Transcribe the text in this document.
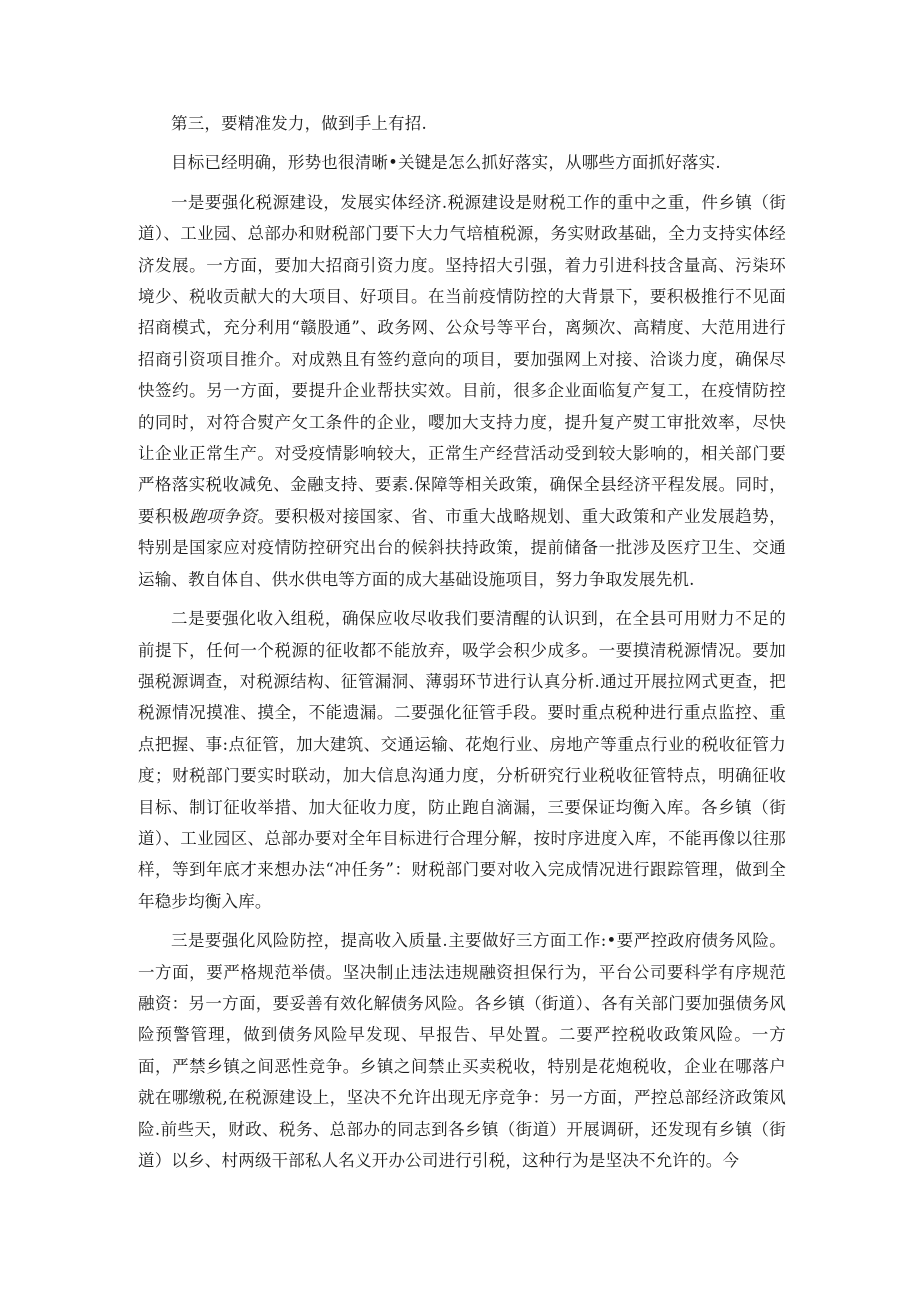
第三，要精准发力，做到手上有招.

目标已经明确，形势也很清晰•关键是怎么抓好落实，从哪些方面抓好落实.

一是要强化税源建设，发展实体经济.税源建设是财税工作的重中之重，件乡镇（街道）、工业园、总部办和财税部门要下大力气培植税源，务实财政基础，全力支持实体经济发展。一方面，要加大招商引资力度。坚持招大引强，着力引进科技含量高、污柒环境少、税收贡献大的大项目、好项目。在当前疫情防控的大背景下，要积极推行不见面招商模式，充分利用“赣股通”、政务网、公众号等平台，离频次、高精度、大范用进行招商引资项目推介。对成熟且有签约意向的项目，要加强网上对接、洽谈力度，确保尽快签约。另一方面，要提升企业帮扶实效。目前，很多企业面临复产复工，在疫情防控的同时，对符合熨产攵工条件的企业，嘤加大支持力度，提升复产熨工审批效率，尽快让企业正常生产。对受疫情影响较大，正常生产经营活动受到较大影响的，相关部门要严格落实税收减免、金融支持、要素.保障等相关政策，确保全县经济平程发展。同时，要积极跑项争资。要积极对接国家、省、市重大战略规划、重大政策和产业发展趋势，特别是国家应对疫情防控研究出台的候斜扶持政策，提前储备一批涉及医疗卫生、交通运输、教自体自、供水供电等方面的成大基础设施项目，努力争取发展先机.

二是要强化收入组税，确保应收尽收我们要清醒的认识到，在全县可用财力不足的前提下，任何一个税源的征收都不能放弃，吸学会积少成多。一要摸清税源情况。要加强税源调查，对税源结构、征管漏洞、薄弱环节进行认真分析.通过开展拉网式更查，把税源情况摸准、摸全，不能遗漏。二要强化征管手段。要时重点税种进行重点监控、重点把握、事:点征管，加大建筑、交通运输、花炮行业、房地产等重点行业的税收征管力度；财税部门要实时联动，加大信息沟通力度，分析研究行业税收征管特点，明确征收目标、制订征收举措、加大征收力度，防止跑自滴漏，三要保证均衡入库。各乡镇（街道）、工业园区、总部办要对全年目标进行合理分解，按时序进度入库，不能再像以往那样，等到年底才来想办法“冲任务”：财税部门要对收入完成情况进行跟踪管理，做到全年稳步均衡入库。

三是要强化风险防控，提高收入质量.主要做好三方面工作:•要严控政府债务风险。一方面，要严格规范举债。坚决制止违法违规融资担保行为，平台公司要科学有序规范融资：另一方面，要妥善有效化解债务风险。各乡镇（街道）、各有关部门要加强债务风险预警管理，做到债务风险早发现、早报告、早处置。二要严控税收政策风险。一方面，严禁乡镇之间恶性竞争。乡镇之间禁止买卖税收，特别是花炮税收，企业在哪落户就在哪缴税,在税源建设上，坚决不允许出现无序竞争：另一方面，严控总部经济政策风险.前些天，财政、税务、总部办的同志到各乡镇（街道）开展调研，还发现有乡镇（街道）以乡、村两级干部私人名义开办公司进行引税，这种行为是坚决不允许的。今
